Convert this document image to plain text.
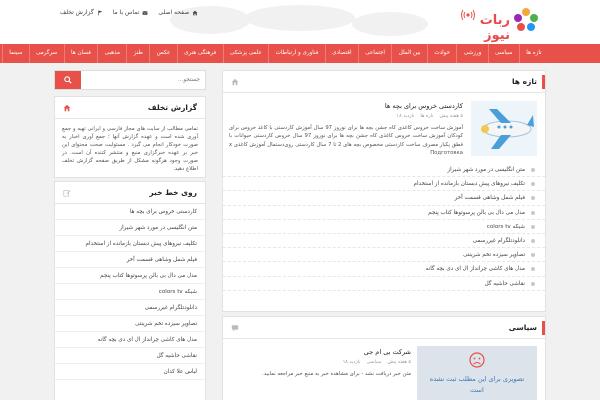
صفحه اصلی
تماس با ما
گزارش تخلف
ربات نیوز
تازه ها
سیاسی
ورزشی
حوادث
بین الملل
اجتماعی
اقتصادی
فناوری و ارتباطات
علمی پزشکی
فرهنگی هنری
عکس
طنز
مذهبی
فسان ها
سرگرمی
سینما
جستجو...
گزارش تخلف
تمامی مطالب از سایت های مجاز فارسی و ایرانی تهیه و جمع آوری شده است و عهده گزارش آنها ؛ جمع آوری اخبار به صورت خودکار انجام می گیرد . مسئولیت صحت محتوای این خبر بر عهده خبرگزاری منبع و منتشر کننده آن است. در صورت وجود هرگونه مشکل از طریق صفحه گزارش تخلف اطلاع دهید.
روی خط خبر
کاردستی خروس برای بچه ها
متن انگلیسی در مورد شهر شیراز
تکلیف نیروهای پیش دبستان بازمانده از استخدام
فیلم شمل وشاهی قسمت آخر
مدل می دال بی بالن پرسوتوها کتاب پنجم
شبکه colors tv
دانلودتلگرام غیررسمی
تصاویر سیزده تخم شرینتی
مدل های کاشی چرانداز ال ای دی بچه گانه
نقاشی حاشیه گل
لباس علا کدان
تازه ها
کاردستی خروس برای بچه ها
۵ هفته پیش
تازه ها
بازدید ۱۸
آموزش ساخت خروس کاغذی کاه جشن بچه ها برای نوروز 97 سال آموزش کاردستی با کاغذ خروس برای کودکان آموزش ساخت خروس کاغذی کاه جشن بچه ها برای نوروز 97 سال خروس کاردستی حیوانات با قطق پکیار مصرف ساخت کاردستی مخصوص بچه های 2 تا 7 سال کاردستی روی‌دستمال آموزش کاغذی x Подготовка
متن انگلیسی در مورد شهر شیراز
تکلیف نیروهای پیش دبستان بازمانده از استخدام
فیلم شمل وشاهی قسمت آخر
مدل می دال بی بالن پرسوتوها کتاب پنجم
شبکه colors tv
دانلودتلگرام غیررسمی
تصاویر سیزده تخم شرینتی
مدل های کاشی چرانداز ال ای دی بچه گانه
نقاشی حاشیه گل
سیاسی
تصویری برای این مطلب ثبت نشده است
شرکت بی ام جی
۵ هفته پیش
سیاسی
بازدید ۱۸
متن خبر دریافت نشد - برای مشاهده خبر به منبع خبر مراجعه نمایید.
